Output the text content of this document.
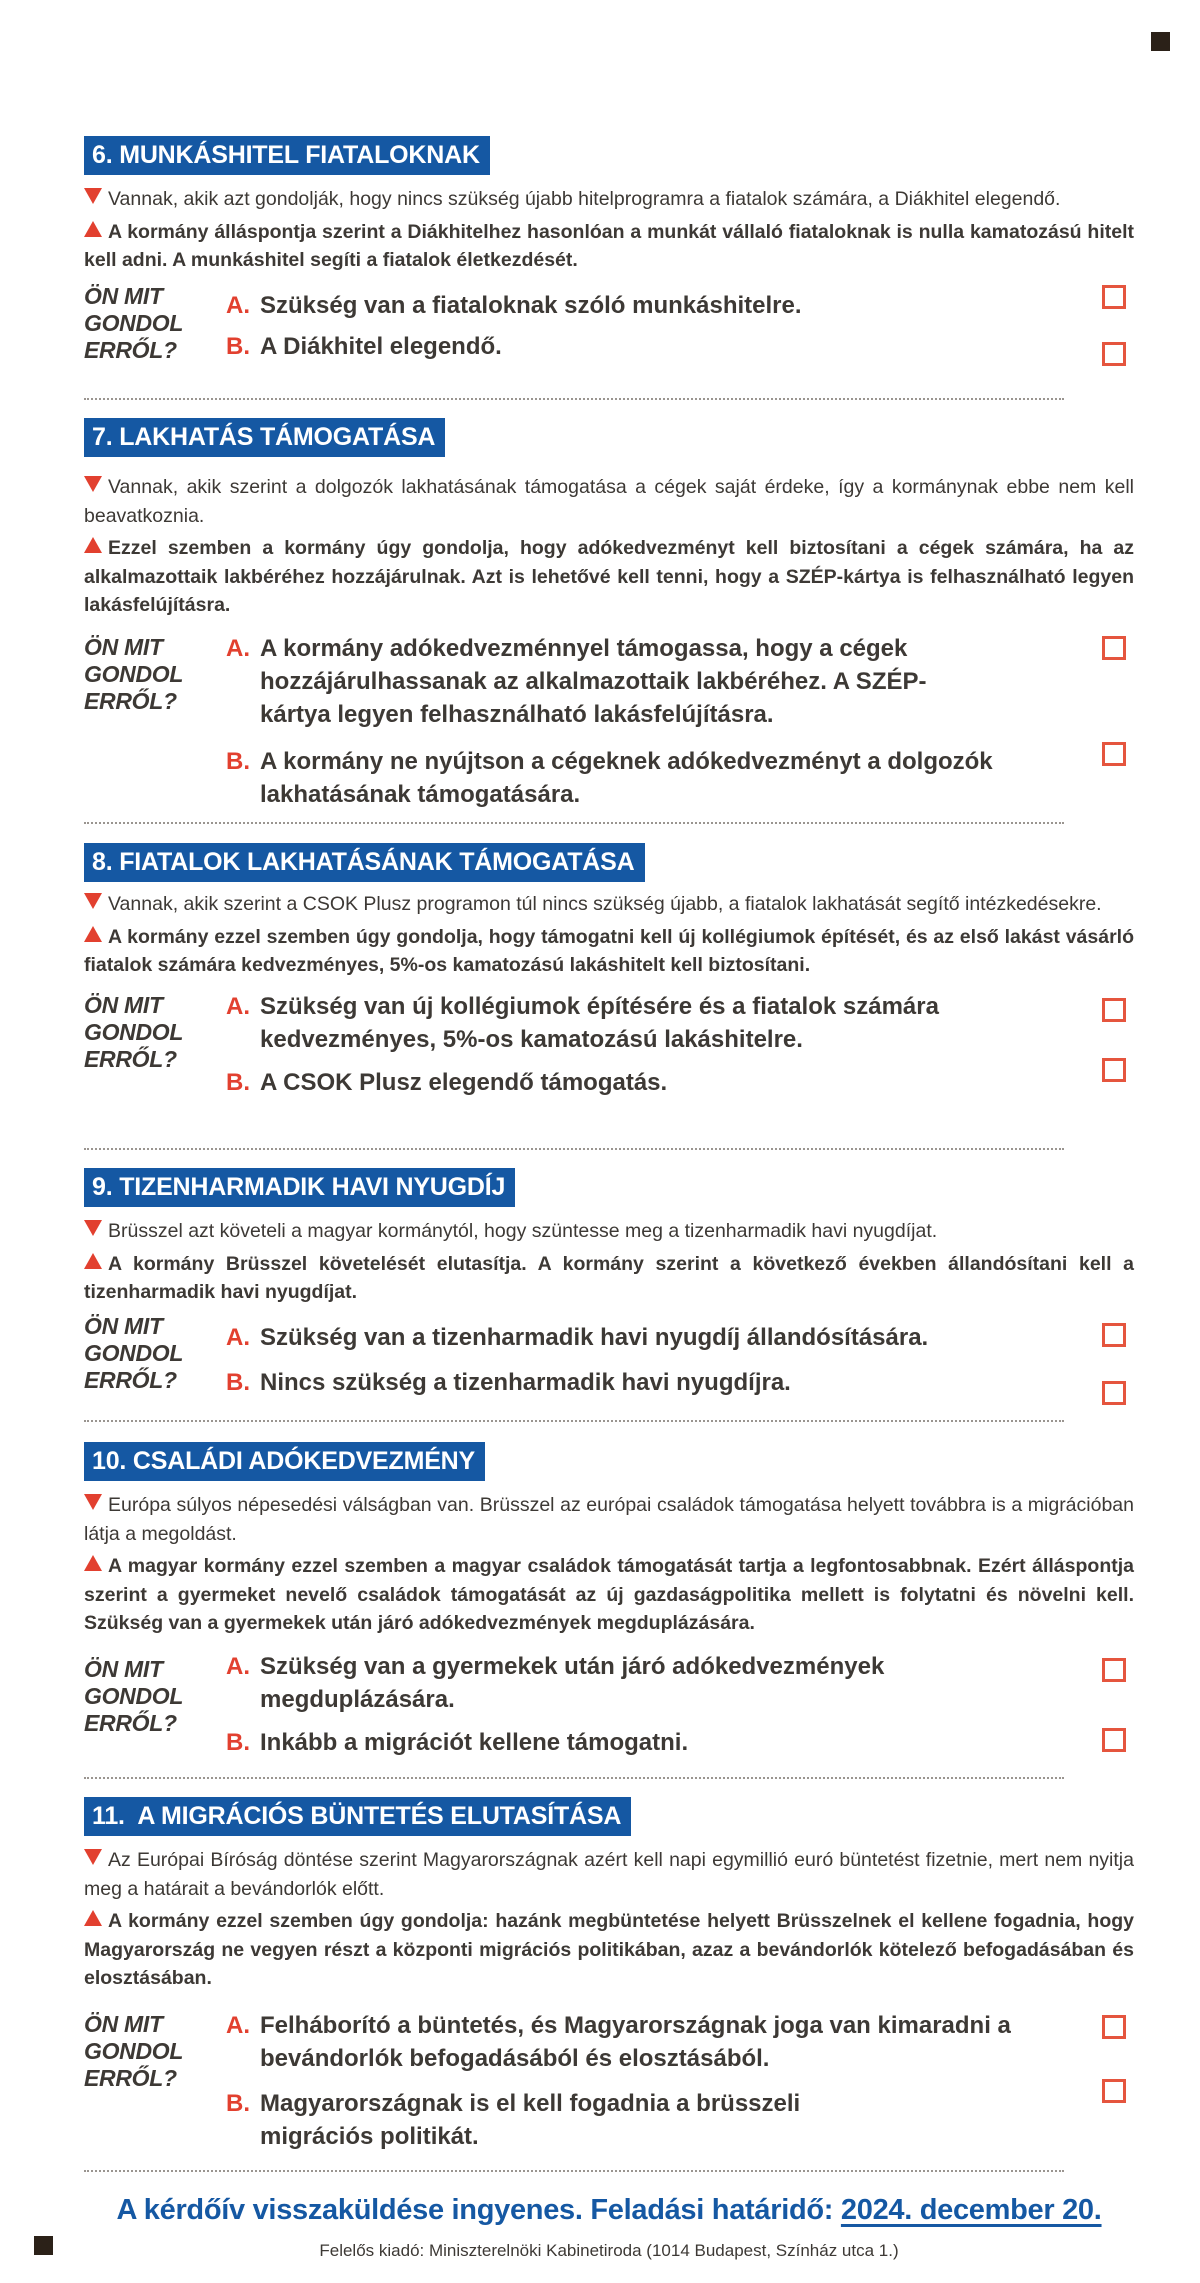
6. MUNKÁSHITEL FIATALOKNAK

Vannak, akik azt gondolják, hogy nincs szükség újabb hitelprogramra a fiatalok számára, a Diákhitel elegendő.

A kormány álláspontja szerint a Diákhitelhez hasonlóan a munkát vállaló fiataloknak is nulla kamatozású hitelt kell adni. A munkáshitel segíti a fiatalok életkezdését.

ÖN MIT
GONDOL
ERRŐL?
A. Szükség van a fiataloknak szóló munkáshitelre.
B. A Diákhitel elegendő.
7. LAKHATÁS TÁMOGATÁSA

Vannak, akik szerint a dolgozók lakhatásának támogatása a cégek saját érdeke, így a kormánynak ebbe nem kell beavatkoznia.

Ezzel szemben a kormány úgy gondolja, hogy adókedvezményt kell biztosítani a cégek számára, ha az alkalmazottaik lakbéréhez hozzájárulnak. Azt is lehetővé kell tenni, hogy a SZÉP-kártya is felhasználható legyen lakásfelújításra.

ÖN MIT
GONDOL
ERRŐL?
A. A kormány adókedvezménnyel támogassa, hogy a cégek hozzájárulhassanak az alkalmazottaik lakbéréhez. A SZÉP-kártya legyen felhasználható lakásfelújításra.
B. A kormány ne nyújtson a cégeknek adókedvezményt a dolgozók lakhatásának támogatására.
8. FIATALOK LAKHATÁSÁNAK TÁMOGATÁSA

Vannak, akik szerint a CSOK Plusz programon túl nincs szükség újabb, a fiatalok lakhatását segítő intézkedésekre.

A kormány ezzel szemben úgy gondolja, hogy támogatni kell új kollégiumok építését, és az első lakást vásárló fiatalok számára kedvezményes, 5%-os kamatozású lakáshitelt kell biztosítani.

ÖN MIT
GONDOL
ERRŐL?
A. Szükség van új kollégiumok építésére és a fiatalok számára kedvezményes, 5%-os kamatozású lakáshitelre.
B. A CSOK Plusz elegendő támogatás.
9. TIZENHARMADIK HAVI NYUGDÍJ

Brüsszel azt követeli a magyar kormánytól, hogy szüntesse meg a tizenharmadik havi nyugdíjat.

A kormány Brüsszel követelését elutasítja. A kormány szerint a következő években állandósítani kell a tizenharmadik havi nyugdíjat.

ÖN MIT
GONDOL
ERRŐL?
A. Szükség van a tizenharmadik havi nyugdíj állandósítására.
B. Nincs szükség a tizenharmadik havi nyugdíjra.
10. CSALÁDI ADÓKEDVEZMÉNY

Európa súlyos népesedési válságban van. Brüsszel az európai családok támogatása helyett továbbra is a migrációban látja a megoldást.

A magyar kormány ezzel szemben a magyar családok támogatását tartja a legfontosabbnak. Ezért álláspontja szerint a gyermeket nevelő családok támogatását az új gazdaságpolitika mellett is folytatni és növelni kell. Szükség van a gyermekek után járó adókedvezmények megduplázására.

ÖN MIT
GONDOL
ERRŐL?
A. Szükség van a gyermekek után járó adókedvezmények megduplázására.
B. Inkább a migrációt kellene támogatni.
11.  A MIGRÁCIÓS BÜNTETÉS ELUTASÍTÁSA

Az Európai Bíróság döntése szerint Magyarországnak azért kell napi egymillió euró büntetést fizetnie, mert nem nyitja meg a határait a bevándorlók előtt.

A kormány ezzel szemben úgy gondolja: hazánk megbüntetése helyett Brüsszelnek el kellene fogadnia, hogy Magyarország ne vegyen részt a központi migrációs politikában, azaz a bevándorlók kötelező befogadásában és elosztásában.

ÖN MIT
GONDOL
ERRŐL?
A. Felháborító a büntetés, és Magyarországnak joga van kimaradni a bevándorlók befogadásából és elosztásából.
B. Magyarországnak is el kell fogadnia a brüsszeli migrációs politikát.
A kérdőív visszaküldése ingyenes. Feladási határidő: 2024. december 20.
Felelős kiadó: Miniszterelnöki Kabinetiroda (1014 Budapest, Színház utca 1.)
